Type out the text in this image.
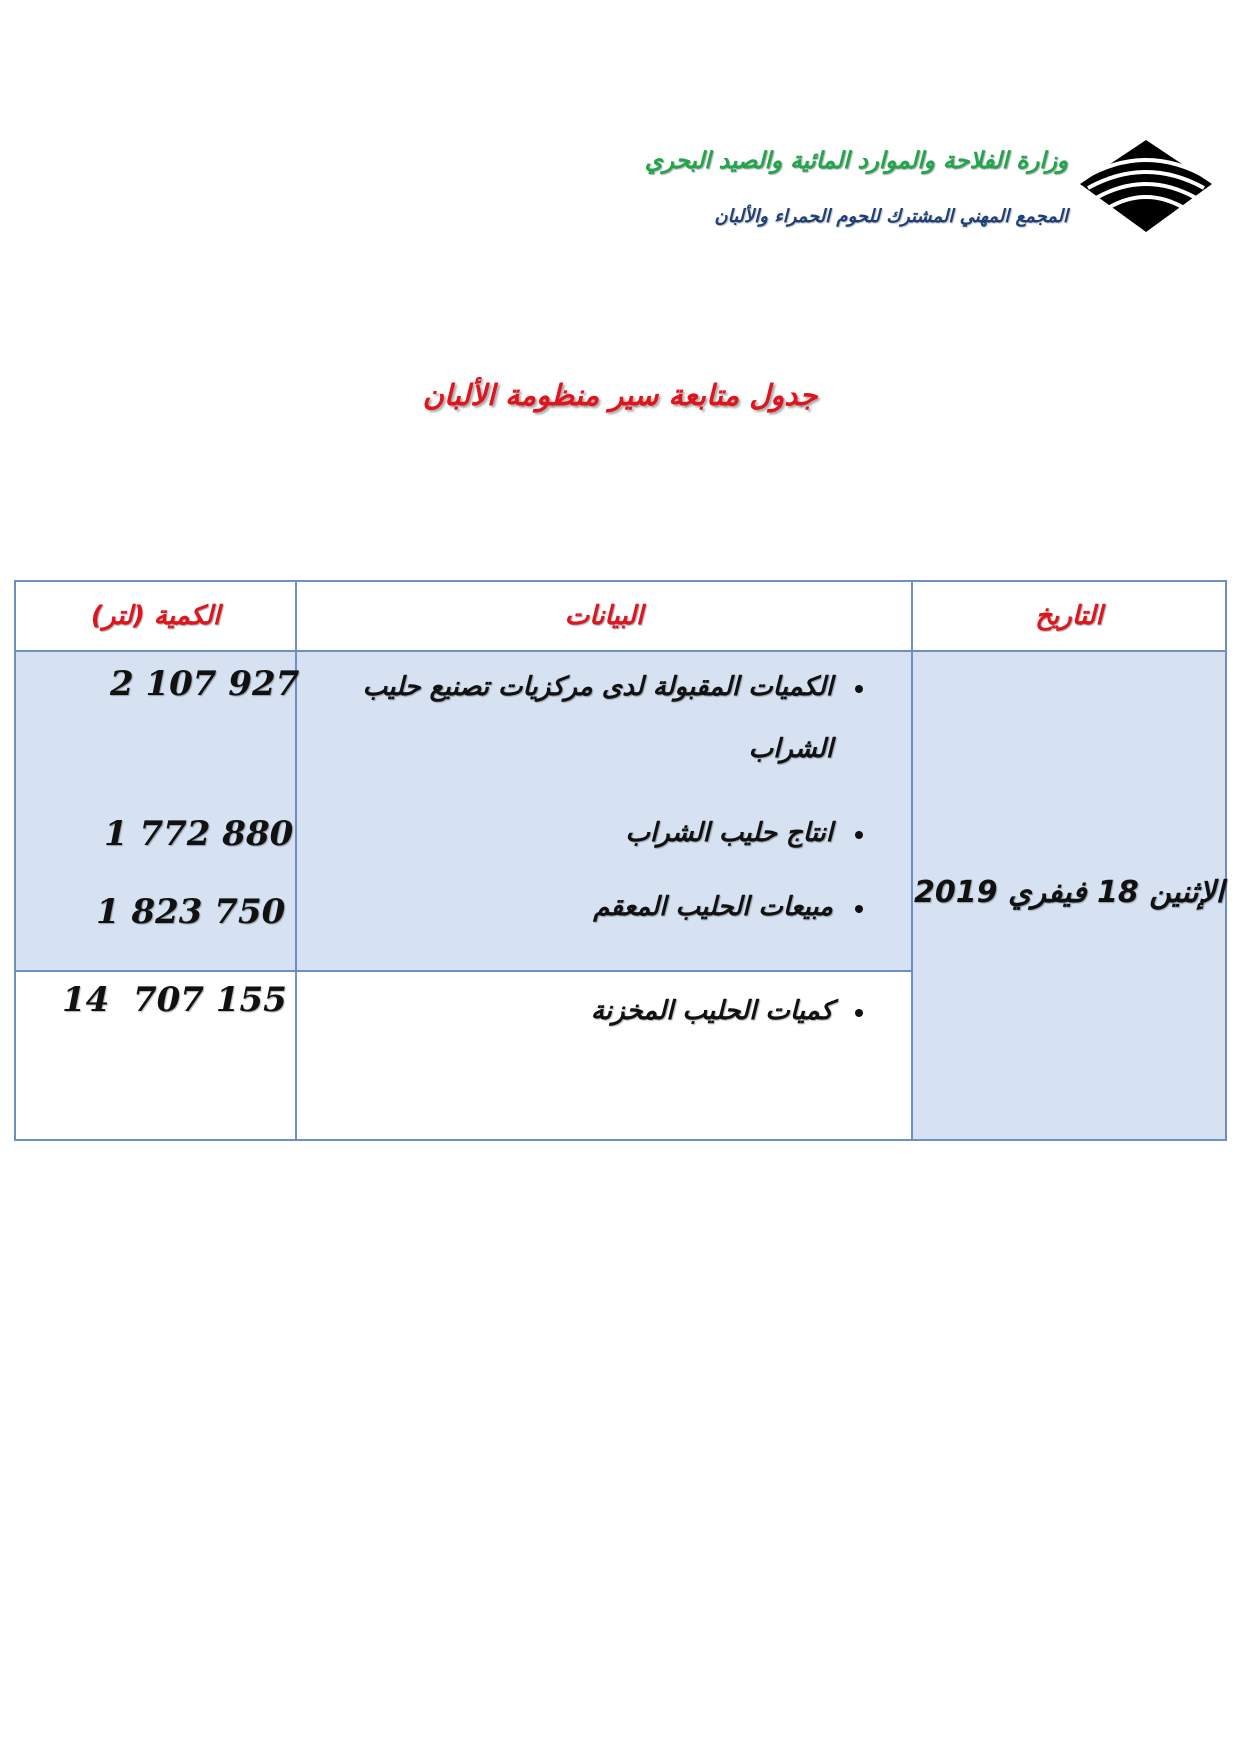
وزارة الفلاحة والموارد المائية والصيد البحري
المجمع المهني المشترك للحوم الحمراء والألبان
جدول متابعة سير منظومة الألبان
التاريخ
البيانات
الكمية (لتر)
الإثنين 18 فيفري 2019
الكميات المقبولة لدى مركزيات تصنيع حليب
الشراب
انتاج حليب الشراب
مبيعات الحليب المعقم
كميات الحليب المخزنة
2 107 927
1 772 880
1 823 750
14  707 155
